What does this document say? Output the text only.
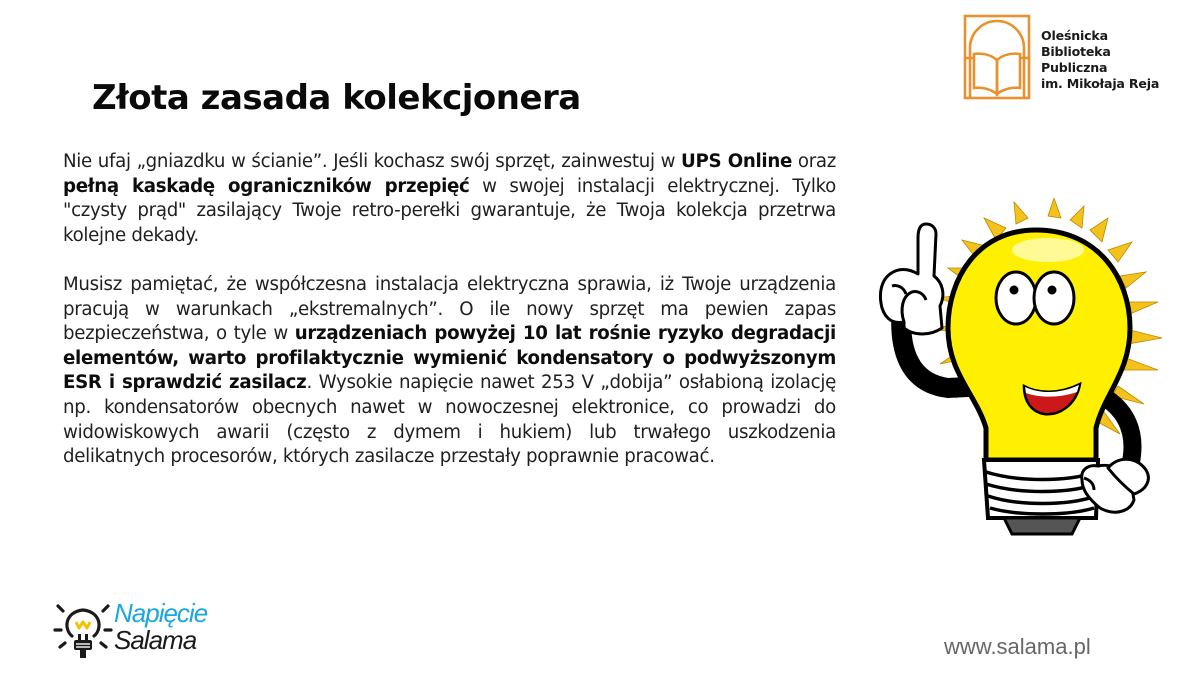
Złota zasada kolekcjonera

Nie ufaj „gniazdku w ścianie”. Jeśli kochasz swój sprzęt, zainwestuj w UPS Online oraz pełną kaskadę ograniczników przepięć w swojej instalacji elektrycznej. Tylko "czysty prąd" zasilający Twoje retro-perełki gwarantuje, że Twoja kolekcja przetrwa kolejne dekady.

Musisz pamiętać, że współczesna instalacja elektryczna sprawia, iż Twoje urządzenia pracują w warunkach „ekstremalnych”. O ile nowy sprzęt ma pewien zapas bezpieczeństwa, o tyle w urządzeniach powyżej 10 lat rośnie ryzyko degradacji elementów, warto profilaktycznie wymienić kondensatory o podwyższonym ESR i sprawdzić zasilacz. Wysokie napięcie nawet 253 V „dobija” osłabioną izolację np. kondensatorów obecnych nawet w nowoczesnej elektronice, co prowadzi do widowiskowych awarii (często z dymem i hukiem) lub trwałego uszkodzenia delikatnych procesorów, których zasilacze przestały poprawnie pracować.

Oleśnicka
Biblioteka
Publiczna
im. Mikołaja Reja
Napięcie
Salama	www.salama.pl
